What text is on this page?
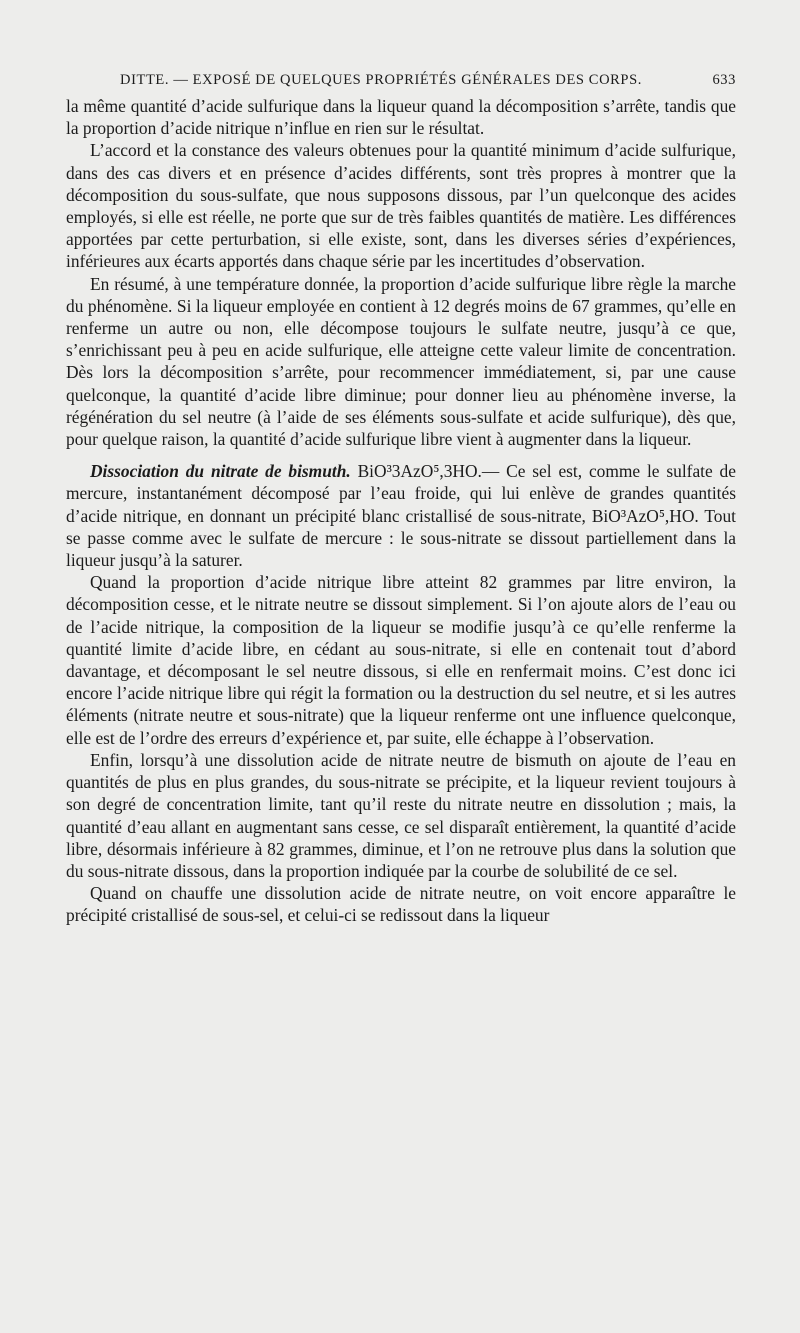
DITTE. — EXPOSÉ DE QUELQUES PROPRIÉTÉS GÉNÉRALES DES CORPS.	633

la même quantité d’acide sulfurique dans la liqueur quand la décomposition s’arrête, tandis que la proportion d’acide nitrique n’influe en rien sur le résultat.

L’accord et la constance des valeurs obtenues pour la quantité minimum d’acide sulfurique, dans des cas divers et en présence d’acides différents, sont très propres à montrer que la décomposition du sous-sulfate, que nous supposons dissous, par l’un quelconque des acides employés, si elle est réelle, ne porte que sur de très faibles quantités de matière. Les différences apportées par cette perturbation, si elle existe, sont, dans les diverses séries d’expériences, inférieures aux écarts apportés dans chaque série par les incertitudes d’observation.

En résumé, à une température donnée, la proportion d’acide sulfurique libre règle la marche du phénomène. Si la liqueur employée en contient à 12 degrés moins de 67 grammes, qu’elle en renferme un autre ou non, elle décompose toujours le sulfate neutre, jusqu’à ce que, s’enrichissant peu à peu en acide sulfurique, elle atteigne cette valeur limite de concentration. Dès lors la décomposition s’arrête, pour recommencer immédiatement, si, par une cause quelconque, la quantité d’acide libre diminue; pour donner lieu au phénomène inverse, la régénération du sel neutre (à l’aide de ses éléments sous-sulfate et acide sulfurique), dès que, pour quelque raison, la quantité d’acide sulfurique libre vient à augmenter dans la liqueur.

Dissociation du nitrate de bismuth. BiO³3AzO⁵,3HO.— Ce sel est, comme le sulfate de mercure, instantanément décomposé par l’eau froide, qui lui enlève de grandes quantités d’acide nitrique, en donnant un précipité blanc cristallisé de sous-nitrate, BiO³AzO⁵,HO. Tout se passe comme avec le sulfate de mercure : le sous-nitrate se dissout partiellement dans la liqueur jusqu’à la saturer.

Quand la proportion d’acide nitrique libre atteint 82 grammes par litre environ, la décomposition cesse, et le nitrate neutre se dissout simplement. Si l’on ajoute alors de l’eau ou de l’acide nitrique, la composition de la liqueur se modifie jusqu’à ce qu’elle renferme la quantité limite d’acide libre, en cédant au sous-nitrate, si elle en contenait tout d’abord davantage, et décomposant le sel neutre dissous, si elle en renfermait moins. C’est donc ici encore l’acide nitrique libre qui régit la formation ou la destruction du sel neutre, et si les autres éléments (nitrate neutre et sous-nitrate) que la liqueur renferme ont une influence quelconque, elle est de l’ordre des erreurs d’expérience et, par suite, elle échappe à l’observation.

Enfin, lorsqu’à une dissolution acide de nitrate neutre de bismuth on ajoute de l’eau en quantités de plus en plus grandes, du sous-nitrate se précipite, et la liqueur revient toujours à son degré de concentration limite, tant qu’il reste du nitrate neutre en dissolution ; mais, la quantité d’eau allant en augmentant sans cesse, ce sel disparaît entièrement, la quantité d’acide libre, désormais inférieure à 82 grammes, diminue, et l’on ne retrouve plus dans la solution que du sous-nitrate dissous, dans la proportion indiquée par la courbe de solubilité de ce sel.

Quand on chauffe une dissolution acide de nitrate neutre, on voit encore apparaître le précipité cristallisé de sous-sel, et celui-ci se redissout dans la liqueur
